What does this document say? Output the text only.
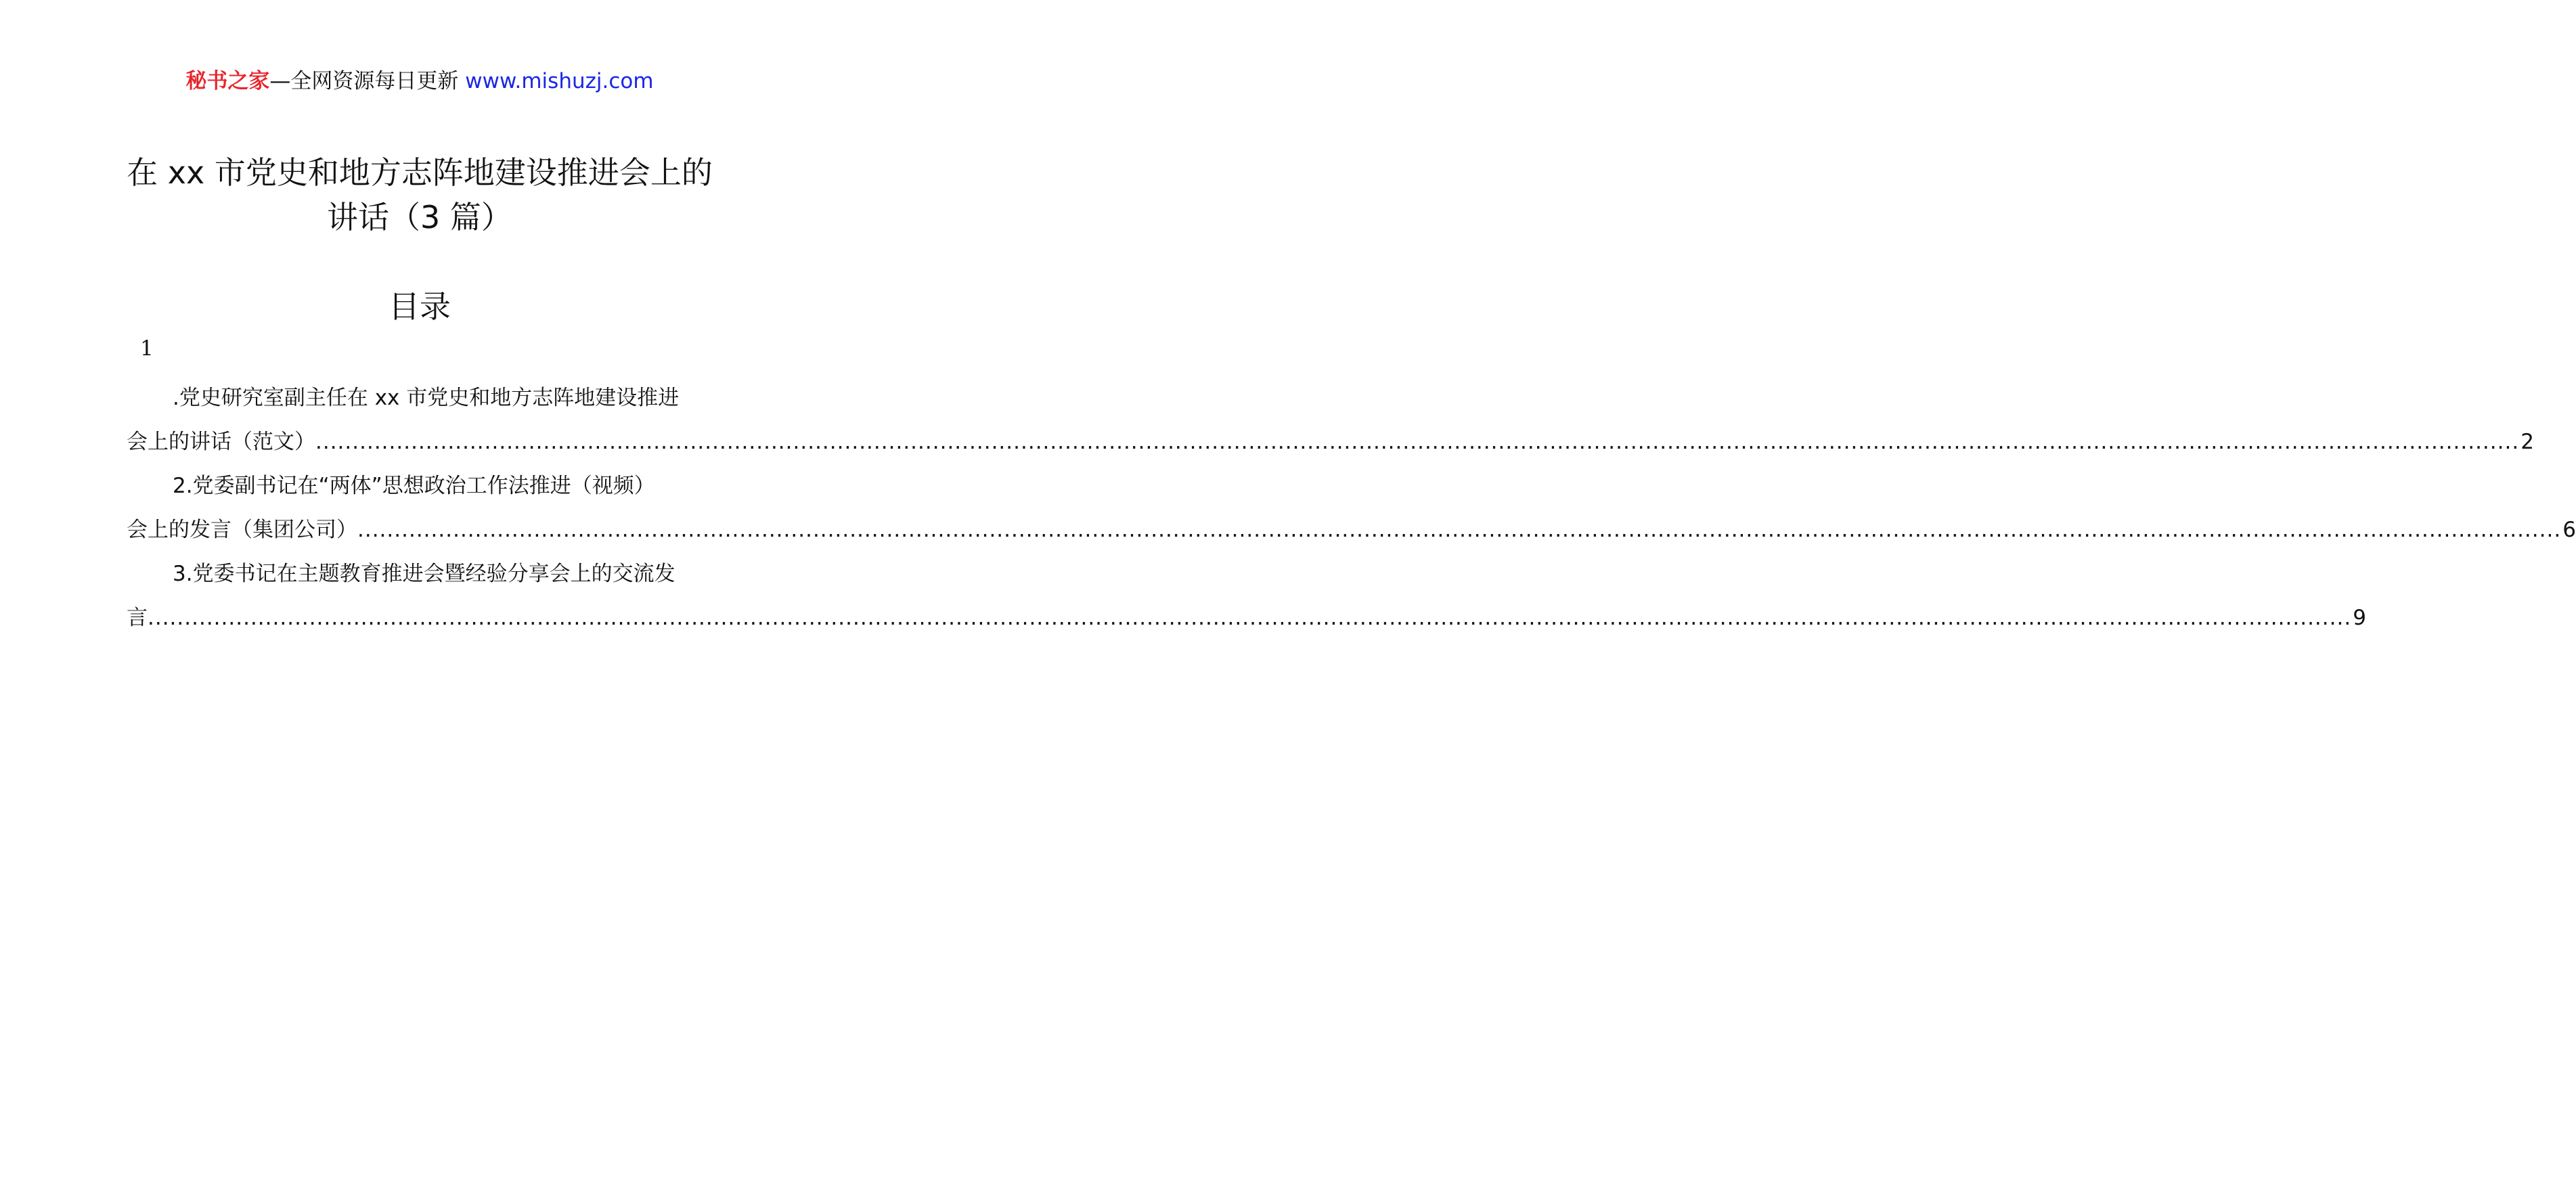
秘书之家—全网资源每日更新 www.mishuzj.com
在 xx 市党史和地方志阵地建设推进会上的
讲话（3 篇）
目录
1
.党史研究室副主任在 xx 市党史和地方志阵地建设推进
会上的讲话（范文） ............................................................................................................................................................................................................................................................................................................ 2
2.党委副书记在“两体”思想政治工作法推进（视频）
会上的发言（集团公司） ............................................................................................................................................................................................................................................................................................................ 6
3.党委书记在主题教育推进会暨经验分享会上的交流发
言 ............................................................................................................................................................................................................................................................................................................ 9
